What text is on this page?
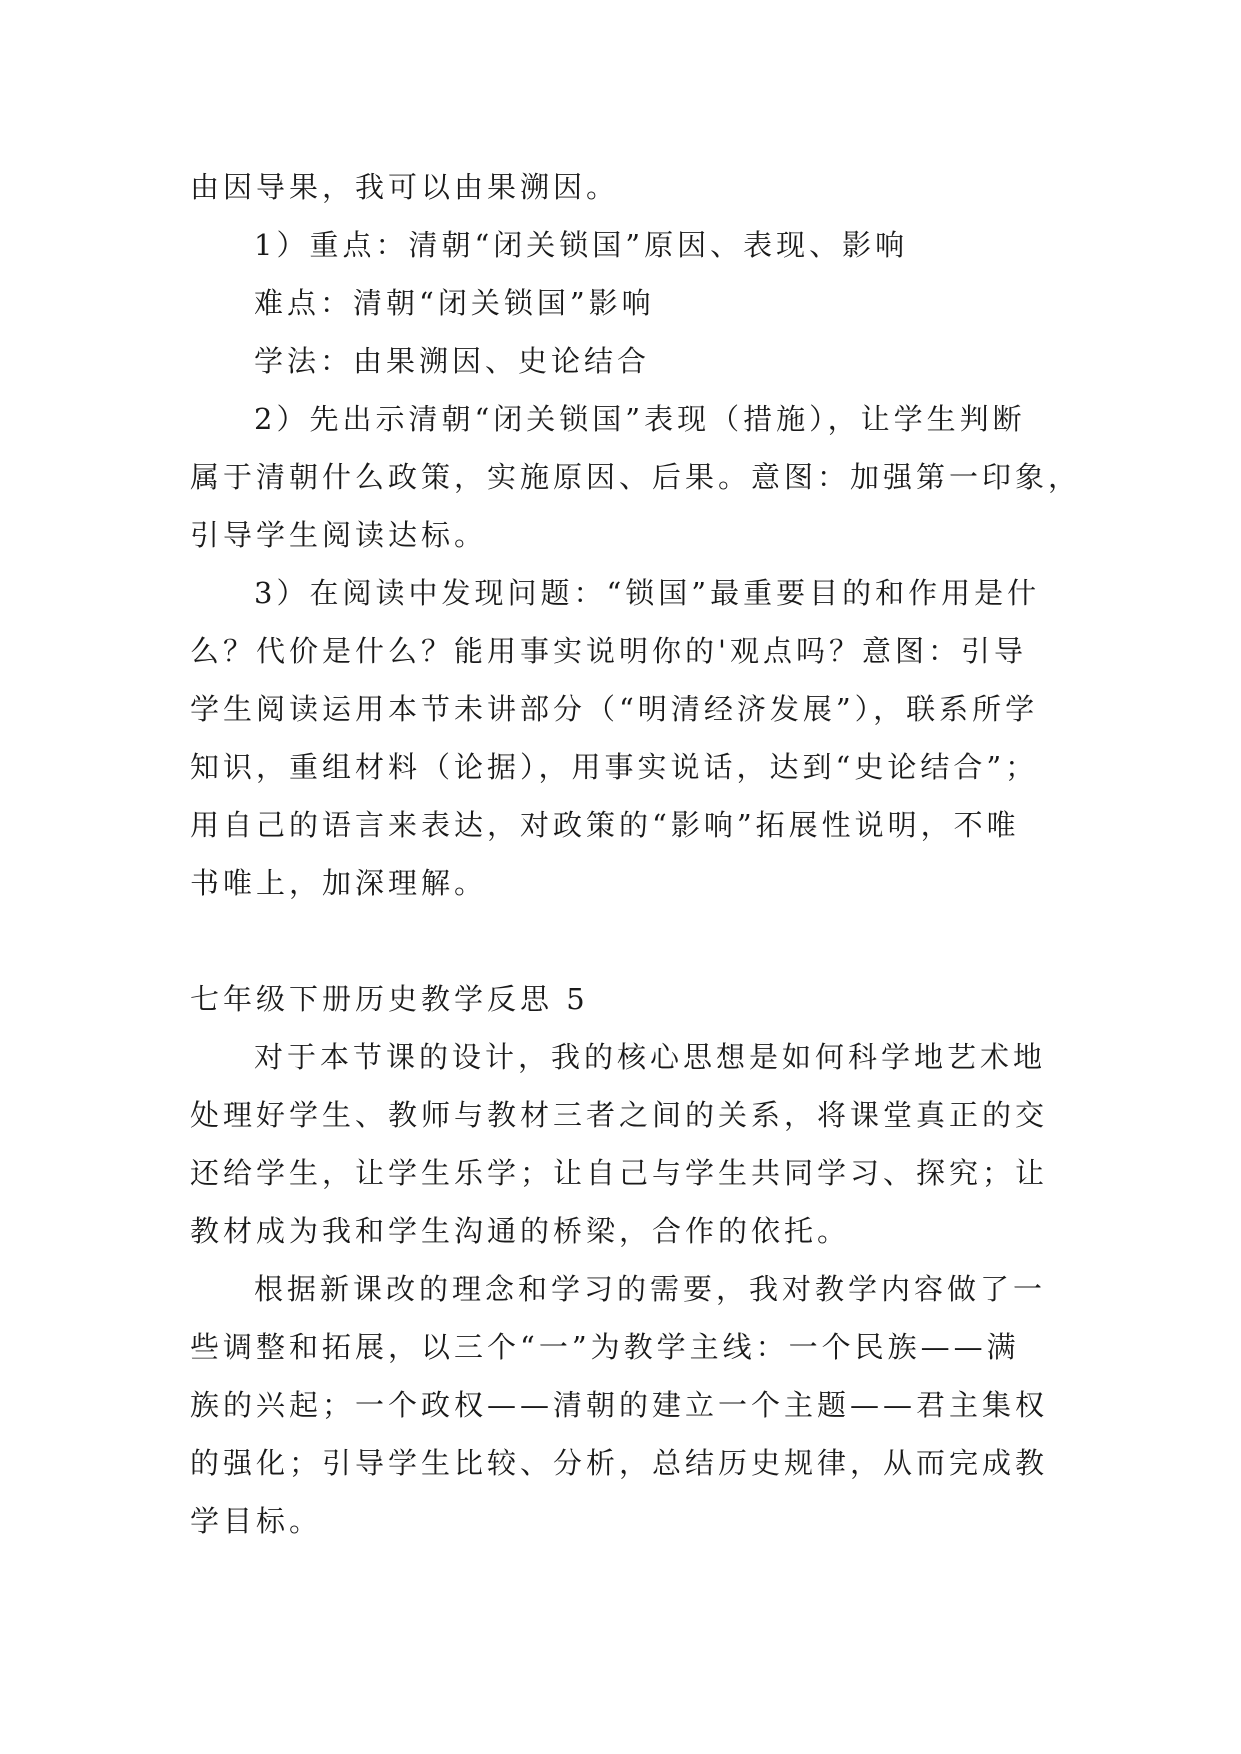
由因导果，我可以由果溯因。

1）重点：清朝“闭关锁国”原因、表现、影响

难点：清朝“闭关锁国”影响

学法：由果溯因、史论结合

2）先出示清朝“闭关锁国”表现（措施），让学生判断

属于清朝什么政策，实施原因、后果。意图：加强第一印象，

引导学生阅读达标。

3）在阅读中发现问题：“锁国”最重要目的和作用是什

么？代价是什么？能用事实说明你的'观点吗？意图：引导

学生阅读运用本节未讲部分（“明清经济发展”），联系所学

知识，重组材料（论据），用事实说话，达到“史论结合”；

用自己的语言来表达，对政策的“影响”拓展性说明，不唯

书唯上，加深理解。

七年级下册历史教学反思 5

对于本节课的设计，我的核心思想是如何科学地艺术地

处理好学生、教师与教材三者之间的关系，将课堂真正的交

还给学生，让学生乐学；让自己与学生共同学习、探究；让

教材成为我和学生沟通的桥梁，合作的依托。

根据新课改的理念和学习的需要，我对教学内容做了一

些调整和拓展，以三个“一”为教学主线：一个民族——满

族的兴起；一个政权——清朝的建立一个主题——君主集权

的强化；引导学生比较、分析，总结历史规律，从而完成教

学目标。
